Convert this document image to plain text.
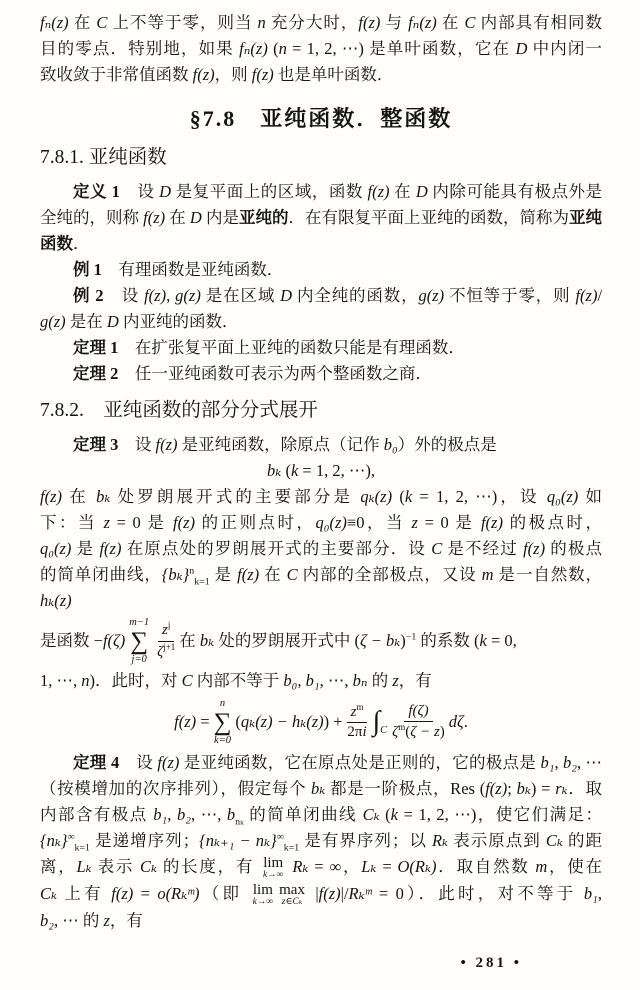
fₙ(z) 在 C 上不等于零，则当 n 充分大时，f(z) 与 fₙ(z) 在 C 内部具有相同数
目的零点．特别地，如果 fₙ(z) (n = 1, 2, ⋯) 是单叶函数，它在 D 中内闭一
致收敛于非常值函数 f(z)，则 f(z) 也是单叶函数．
§7.8　亚纯函数．整函数
7.8.1. 亚纯函数
定义 1　设 D 是复平面上的区域，函数 f(z) 在 D 内除可能具有极点外是
全纯的，则称 f(z) 在 D 内是亚纯的．在有限复平面上亚纯的函数，简称为亚纯
函数．
例 1　有理函数是亚纯函数．
例 2　设 f(z), g(z) 是在区域 D 内全纯的函数，g(z) 不恒等于零，则 f(z)/
g(z) 是在 D 内亚纯的函数．
定理 1　在扩张复平面上亚纯的函数只能是有理函数．
定理 2　任一亚纯函数可表示为两个整函数之商．
7.8.2.　亚纯函数的部分分式展开
定理 3　设 f(z) 是亚纯函数，除原点（记作 b₀）外的极点是
bₖ (k = 1, 2, ⋯),
f(z) 在 bₖ 处罗朗展开式的主要部分是 qₖ(z) (k = 1, 2, ⋯)，设 q₀(z) 如
下：当 z = 0 是 f(z) 的正则点时，q₀(z)≡0，当 z = 0 是 f(z) 的极点时，
q₀(z) 是 f(z) 在原点处的罗朗展开式的主要部分．设 C 是不经过 f(z) 的极点
的简单闭曲线，$\{b_k\}^n_{k=1}$ 是 f(z) 在 C 内部的全部极点，又设 m 是一自然数，hₖ(z)
是函数 −f(ζ)
m−1
∑
$j=0 \frac{z^j}{\zeta^{j+1}}$ 在 bₖ 处的罗朗展开式中 $(\zeta - b_k)^{-1}$ 的系数 (k = 0,
1, ⋯, n)．此时，对 C 内部不等于 b₀, b₁, ⋯, bₙ 的 z，有
f(z) =
n
∑
k=0
$(q_k(z) - h_k(z)) + \frac{z^m}{2\pi i} \int_C \frac{f(\zeta)}{\zeta^m(\zeta - z)} d\zeta$.
定理 4　设 f(z) 是亚纯函数，它在原点处是正则的，它的极点是 b₁, b₂, ⋯
（按模增加的次序排列），假定每个 bₖ 都是一阶极点，Res (f(z); bₖ) = rₖ．取
内部含有极点 b₁, b₂, ⋯, $b_{n_k}$ 的简单闭曲线 Cₖ (k = 1, 2, ⋯)，使它们满足：
$\{n_k\}^\infty_{k=1}$ 是递增序列；$\{n_{k+1} - n_k\}^\infty_{k=1}$ 是有界序列；以 Rₖ 表示原点到 Cₖ 的距
离，Lₖ 表示 Cₖ 的长度，有 lim
k→∞ Rₖ = ∞，Lₖ = O(Rₖ)．取自然数 m，使在
Cₖ 上有 f(z) = o(Rₖᵐ)（即 lim
k→∞
max
z∈Cₖ |f(z)|/Rₖᵐ = 0）．此时，对不等于 b₁,
b₂, ⋯ 的 z，有
• 281 •
